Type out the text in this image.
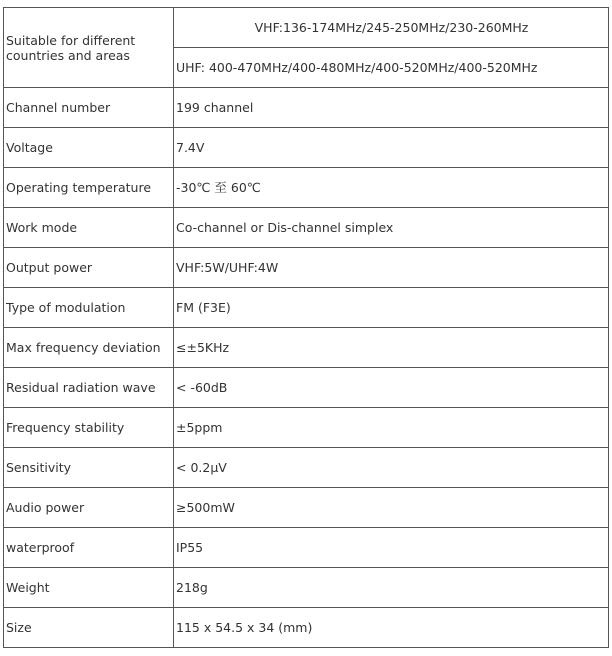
Suitable for different countries and areas	VHF:136-174MHz/245-250MHz/230-260MHz
	UHF: 400-470MHz/400-480MHz/400-520MHz/400-520MHz
Channel number	199 channel
Voltage	7.4V
Operating temperature	-30℃ 至 60℃
Work mode	Co-channel or Dis-channel simplex
Output power	VHF:5W/UHF:4W
Type of modulation	FM (F3E)
Max frequency deviation	≤±5KHz
Residual radiation wave	< -60dB
Frequency stability	±5ppm
Sensitivity	< 0.2μV
Audio power	≥500mW
waterproof	IP55
Weight	218g
Size	115 x 54.5 x 34 (mm)
